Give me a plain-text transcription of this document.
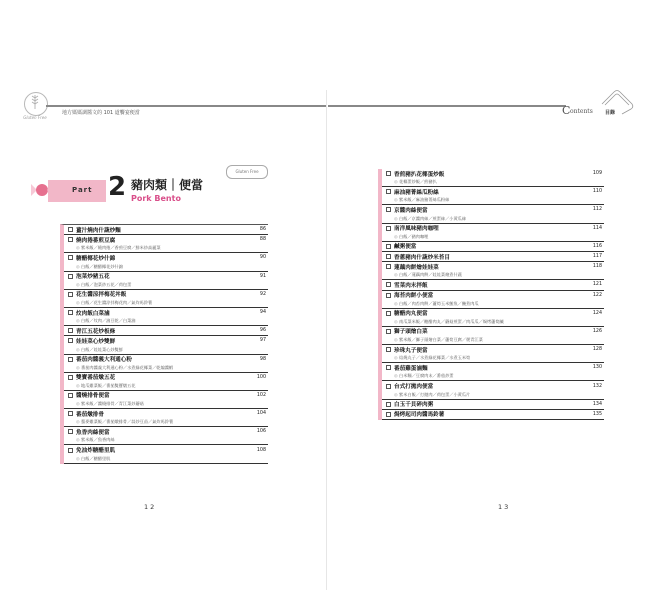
Gluten Free
地方媽媽調醬文的 101 道饗宴便當
Part 2 豬肉類｜便當
Pork Bento
Gluten Free
薑汁燒肉什蔬炒麵	86
燒肉捲番煎豆腐	88
◎ 紫米飯／燒肉捲／香煎豆腐／鮮米炒高麗菜
糖醋椰花炒什錦	90
◎ 白飯／糖醋椰花炒什錦
泡菜炒豬五花	91
◎ 白飯／泡菜炒五花／荷包蛋
花生醬涼拌梅花丼飯	92
◎ 白飯／花生醬涼拌梅花肉／氣炸馬鈴薯
炆肉飯白菜滷	94
◎ 白飯／炆肉／滷豆乾／白菜滷
青江五花炒板條	96
娃娃菜心炒雙鮮	97
◎ 白飯／娃娃菜心炒雙鮮
番茄肉醬義大利通心粉	98
◎ 番茄肉醬義大利通心粉／水煮綠花椰菜／乾煸醬蝦
雙寶番茄燉五花	100
◎ 地瓜雞菜飯／番茄雙寶燉五花
醬燒排骨便當	102
◎ 紫米飯／醬燒排骨／青江菜炒蘑菇
番茄燉排骨	104
◎ 藜麥雞菜飯／番茄燉排骨／蒜炒豆苗／氣炸馬鈴薯
魚香肉絲便當	106
◎ 紫米飯／魚香肉絲
免油炸糖醋里肌	108
◎ 白飯／糖醋里肌
12
C ontents 目錄
香煎豬扒花椰蛋炒飯	109
◎ 花椰蛋炒飯／煎豬扒
麻油豬菁絲瓜粉絲	110
◎ 紫米飯／麻油豬菁絲瓜粉絲
京醬肉絲便當	112
◎ 白飯／京醬肉絲／煎蛋絲／小黃瓜絲
南洋風味豬肉咖哩	114
◎ 白飯／豬肉咖哩
鹹粥便當	116
香蔥豬肉什蔬炒米苔目	117
蓮藕肉餅燴娃娃菜	118
◎ 白飯／蓮藕肉餅／娃娃菜燴煮什蔬
雪菜肉末拌飯	121
海苔肉餅小便當	122
◎ 白飯／肉苔肉餅／蘆筍玉米鮪魚／醃煮肉瓜
糖醋肉丸便當	124
◎ 南瓜菜米飯／糖醋肉丸／蘑菇煎蛋／肉瓜瓜／焗烤蘆筍鹹
獅子頭燴白菜	126
◎ 紫米飯／獅子頭燴白菜／蘆筍豆腐／燙青江菜
珍珠丸子便當	128
◎ 焙燒丸子／水煮綠花椰菜／水煮玉米筍
番茄雞蛋滷麵	130
◎ 白米麵／豆腐肉末／番茄炒蛋
台式打拋肉便當	132
◎ 紫米白飯／打拋肉／荷包蛋／小黃瓜片
白玉千貝碎肉粥	134
焗烤起司肉醬馬鈴薯	135
13
